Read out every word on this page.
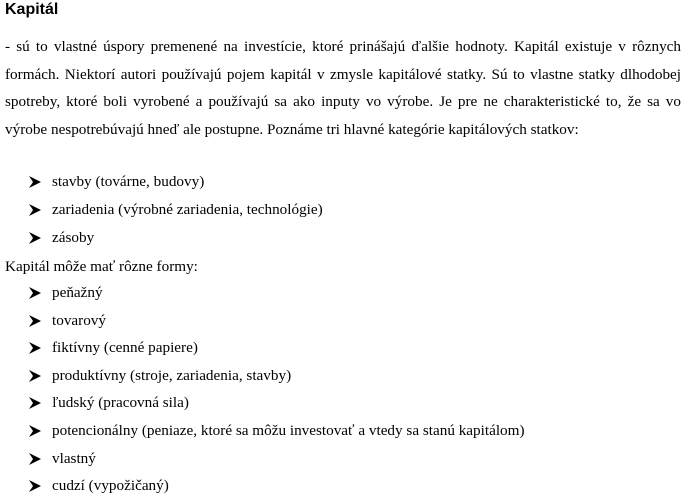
Kapitál
- sú to vlastné úspory premenené na investície, ktoré prinášajú ďalšie hodnoty. Kapitál existuje v rôznych formách. Niektorí autori používajú pojem kapitál v zmysle kapitálové statky. Sú to vlastne statky dlhodobej spotreby, ktoré boli vyrobené a používajú sa ako inputy vo výrobe. Je pre ne charakteristické to, že sa vo výrobe nespotrebúvajú hneď ale postupne. Poznáme tri hlavné kategórie kapitálových statkov:
stavby (továrne, budovy)
zariadenia (výrobné zariadenia, technológie)
zásoby
Kapitál môže mať rôzne formy:
peňažný
tovarový
fiktívny (cenné papiere)
produktívny (stroje, zariadenia, stavby)
ľudský (pracovná sila)
potencionálny (peniaze, ktoré sa môžu investovať a vtedy sa stanú kapitálom)
vlastný
cudzí (vypožičaný)
